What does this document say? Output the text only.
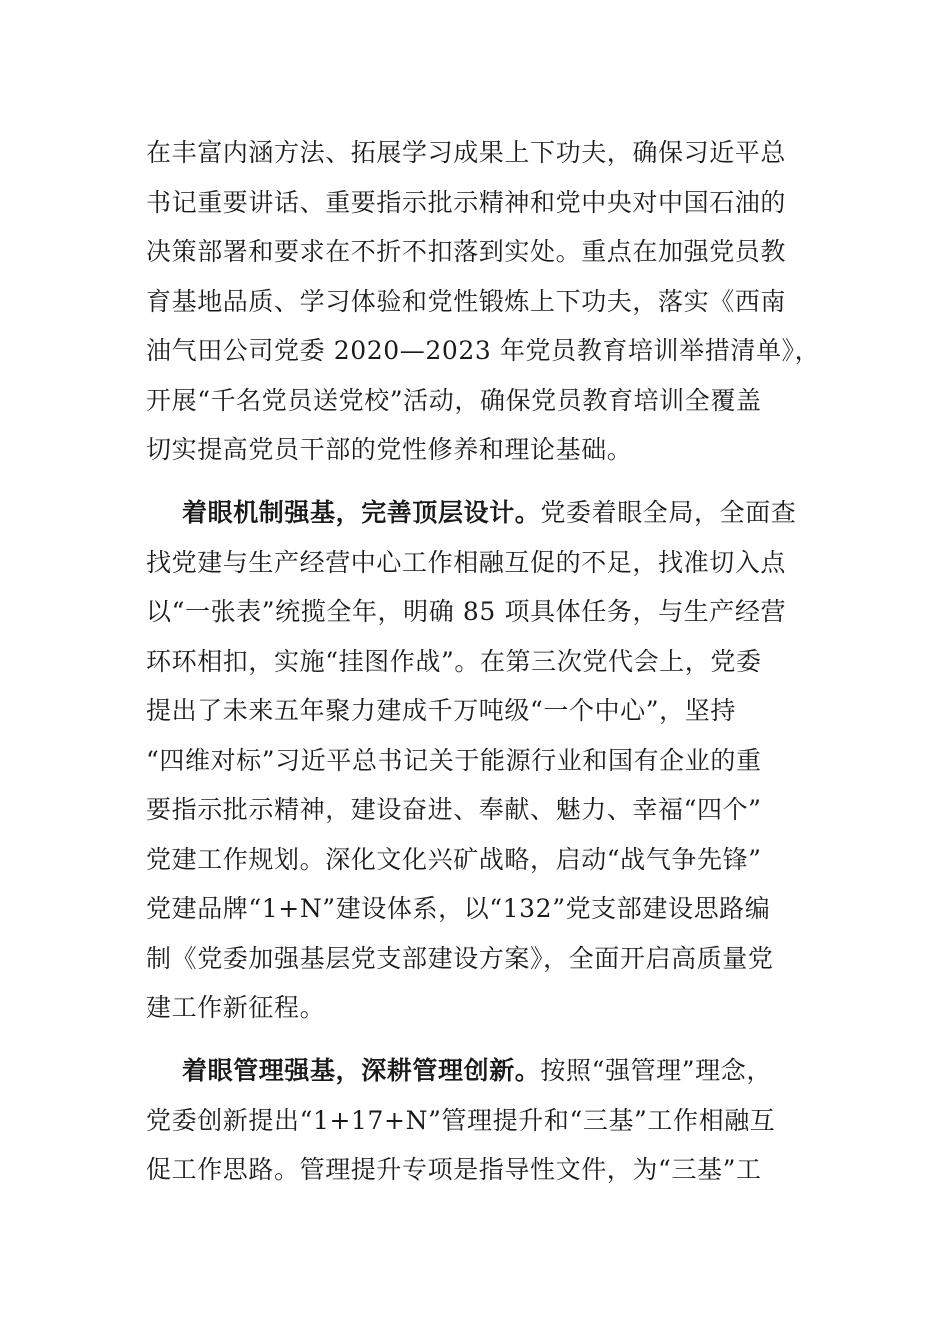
在丰富内涵方法、拓展学习成果上下功夫，确保习近平总
书记重要讲话、重要指示批示精神和党中央对中国石油的
决策部署和要求在不折不扣落到实处。重点在加强党员教
育基地品质、学习体验和党性锻炼上下功夫，落实《西南
油气田公司党委 2020—2023 年党员教育培训举措清单》，
开展“千名党员送党校”活动，确保党员教育培训全覆盖
切实提高党员干部的党性修养和理论基础。
着眼机制强基，完善顶层设计。党委着眼全局，全面查
找党建与生产经营中心工作相融互促的不足，找准切入点
以“一张表”统揽全年，明确 85 项具体任务，与生产经营
环环相扣，实施“挂图作战”。在第三次党代会上，党委
提出了未来五年聚力建成千万吨级“一个中心”，坚持
“四维对标”习近平总书记关于能源行业和国有企业的重
要指示批示精神，建设奋进、奉献、魅力、幸福“四个”
党建工作规划。深化文化兴矿战略，启动“战气争先锋”
党建品牌“1+N”建设体系，以“132”党支部建设思路编
制《党委加强基层党支部建设方案》，全面开启高质量党
建工作新征程。
着眼管理强基，深耕管理创新。按照“强管理”理念，
党委创新提出“1+17+N”管理提升和“三基”工作相融互
促工作思路。管理提升专项是指导性文件，为“三基”工
